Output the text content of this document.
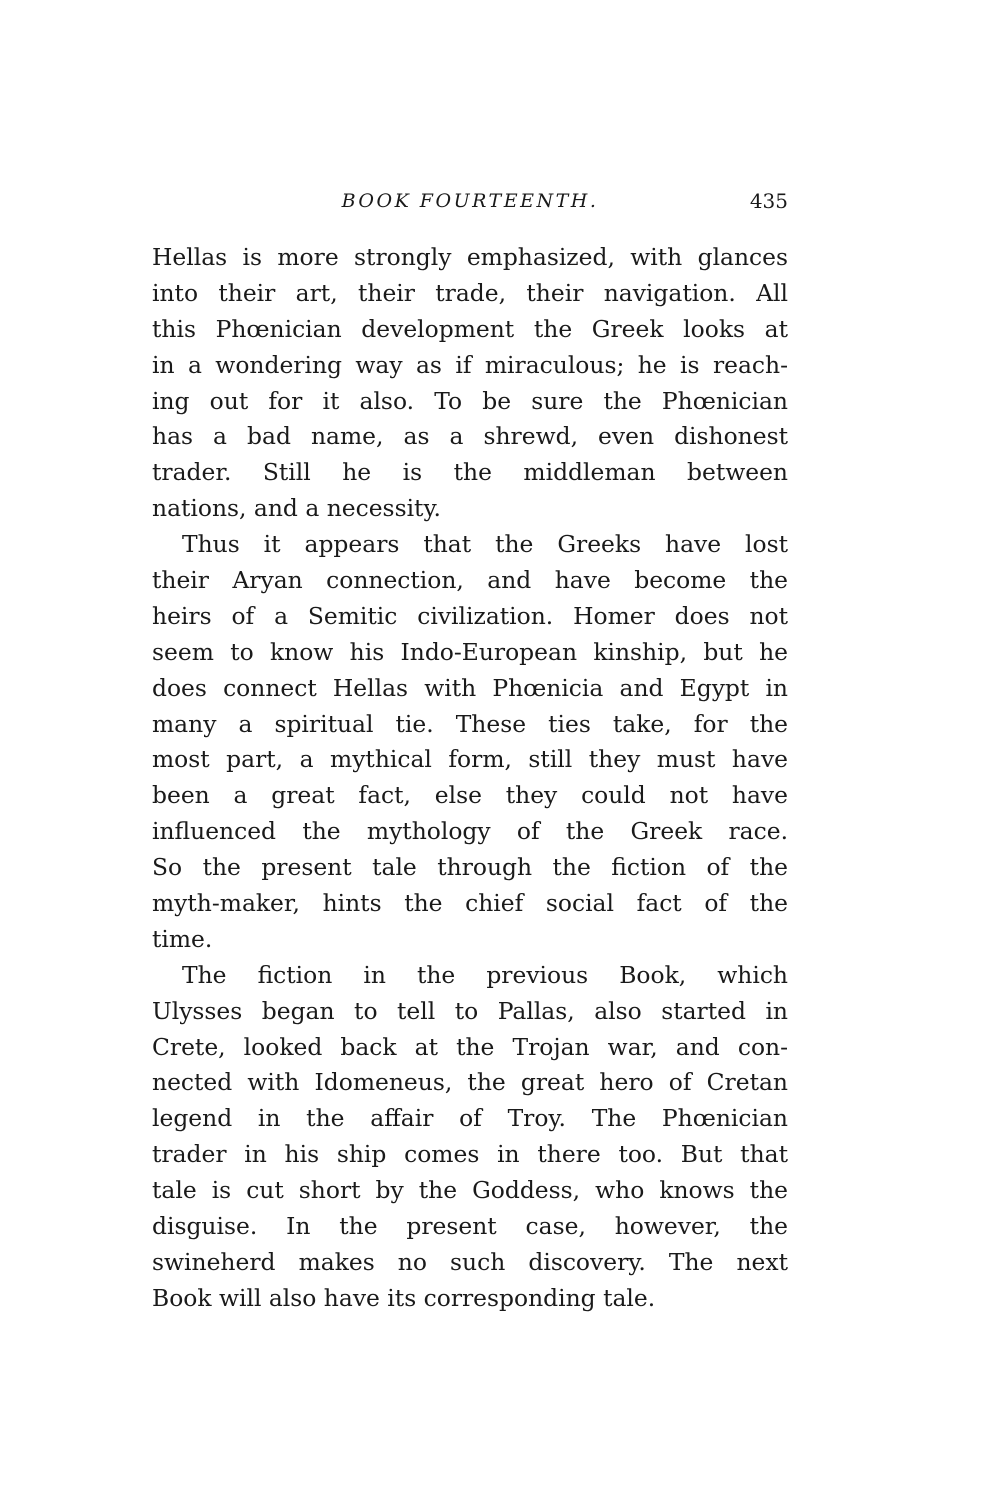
BOOK FOURTEENTH.	435
Hellas is more strongly emphasized, with glances
into their art, their trade, their navigation. All
this Phœnician development the Greek looks at
in a wondering way as if miraculous; he is reach-
ing out for it also. To be sure the Phœnician
has a bad name, as a shrewd, even dishonest
trader. Still he is the middleman between
nations, and a necessity.
Thus it appears that the Greeks have lost
their Aryan connection, and have become the
heirs of a Semitic civilization. Homer does not
seem to know his Indo-European kinship, but he
does connect Hellas with Phœnicia and Egypt in
many a spiritual tie. These ties take, for the
most part, a mythical form, still they must have
been a great fact, else they could not have
influenced the mythology of the Greek race.
So the present tale through the fiction of the
myth-maker, hints the chief social fact of the
time.
The fiction in the previous Book, which
Ulysses began to tell to Pallas, also started in
Crete, looked back at the Trojan war, and con-
nected with Idomeneus, the great hero of Cretan
legend in the affair of Troy. The Phœnician
trader in his ship comes in there too. But that
tale is cut short by the Goddess, who knows the
disguise. In the present case, however, the
swineherd makes no such discovery. The next
Book will also have its corresponding tale.
